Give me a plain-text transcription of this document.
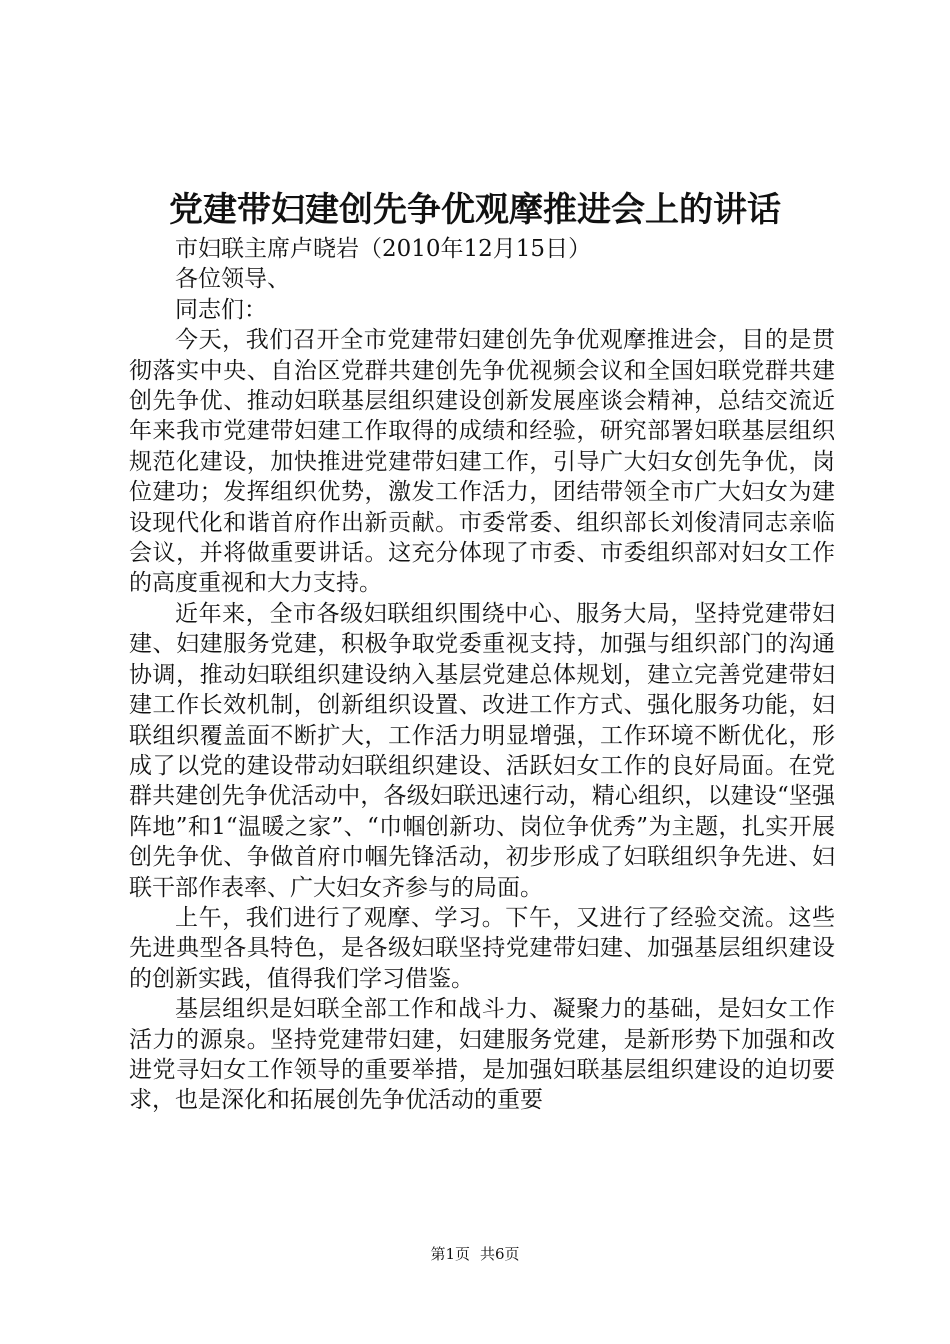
党建带妇建创先争优观摩推进会上的讲话

市妇联主席卢晓岩（2010年12月15日）

各位领导、

同志们：

今天，我们召开全市党建带妇建创先争优观摩推进会，目的是贯彻落实中央、自治区党群共建创先争优视频会议和全国妇联党群共建创先争优、推动妇联基层组织建设创新发展座谈会精神，总结交流近年来我市党建带妇建工作取得的成绩和经验，研究部署妇联基层组织规范化建设，加快推进党建带妇建工作，引导广大妇女创先争优，岗位建功；发挥组织优势，激发工作活力，团结带领全市广大妇女为建设现代化和谐首府作出新贡献。市委常委、组织部长刘俊清同志亲临会议，并将做重要讲话。这充分体现了市委、市委组织部对妇女工作的高度重视和大力支持。

近年来，全市各级妇联组织围绕中心、服务大局，坚持党建带妇建、妇建服务党建，积极争取党委重视支持，加强与组织部门的沟通协调，推动妇联组织建设纳入基层党建总体规划，建立完善党建带妇建工作长效机制，创新组织设置、改进工作方式、强化服务功能，妇联组织覆盖面不断扩大，工作活力明显增强，工作环境不断优化，形成了以党的建设带动妇联组织建设、活跃妇女工作的良好局面。在党群共建创先争优活动中，各级妇联迅速行动，精心组织，以建设“坚强阵地”和1“温暖之家”、“巾帼创新功、岗位争优秀”为主题，扎实开展创先争优、争做首府巾帼先锋活动，初步形成了妇联组织争先进、妇联干部作表率、广大妇女齐参与的局面。

上午，我们进行了观摩、学习。下午，又进行了经验交流。这些先进典型各具特色，是各级妇联坚持党建带妇建、加强基层组织建设的创新实践，值得我们学习借鉴。

基层组织是妇联全部工作和战斗力、凝聚力的基础，是妇女工作活力的源泉。坚持党建带妇建，妇建服务党建，是新形势下加强和改进党寻妇女工作领导的重要举措，是加强妇联基层组织建设的迫切要求，也是深化和拓展创先争优活动的重要

第1页 共6页
